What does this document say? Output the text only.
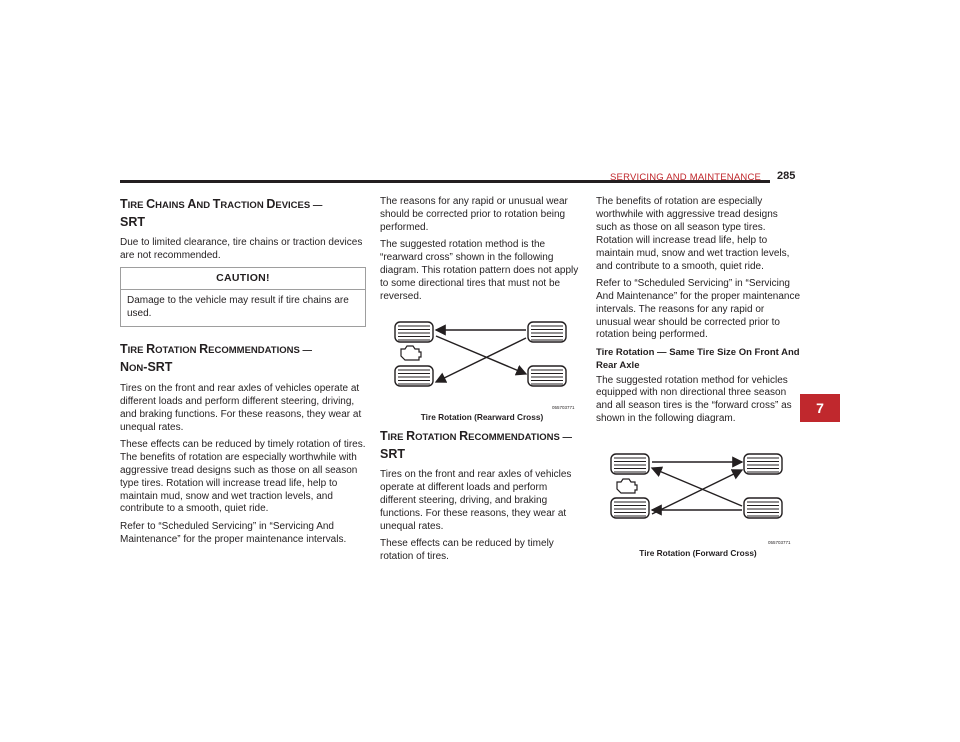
SERVICING AND MAINTENANCE 285
7
TIRE CHAINS AND TRACTION DEVICES —
SRT

Due to limited clearance, tire chains or traction devices are not recommended.

CAUTION!
Damage to the vehicle may result if tire chains are used.
TIRE ROTATION RECOMMENDATIONS —
NON-SRT

Tires on the front and rear axles of vehicles operate at different loads and perform different steering, driving, and braking functions. For these reasons, they wear at unequal rates.

These effects can be reduced by timely rotation of tires. The benefits of rotation are especially worthwhile with aggressive tread designs such as those on all season type tires. Rotation will increase tread life, help to maintain mud, snow and wet traction levels, and contribute to a smooth, quiet ride.

Refer to “Scheduled Servicing” in “Servicing And Maintenance” for the proper maintenance intervals.

The reasons for any rapid or unusual wear should be corrected prior to rotation being performed.

The suggested rotation method is the “rearward cross” shown in the following diagram. This rotation pattern does not apply to some directional tires that must not be reversed.

055703771
Tire Rotation (Rearward Cross)
TIRE ROTATION RECOMMENDATIONS —
SRT

Tires on the front and rear axles of vehicles operate at different loads and perform different steering, driving, and braking functions. For these reasons, they wear at unequal rates.

These effects can be reduced by timely rotation of tires.

The benefits of rotation are especially worthwhile with aggressive tread designs such as those on all season type tires. Rotation will increase tread life, help to maintain mud, snow and wet traction levels, and contribute to a smooth, quiet ride.

Refer to “Scheduled Servicing” in “Servicing And Maintenance” for the proper maintenance intervals. The reasons for any rapid or unusual wear should be corrected prior to rotation being performed.

Tire Rotation — Same Tire Size On Front And Rear Axle

The suggested rotation method for vehicles equipped with non directional three season and all season tires is the “forward cross” as shown in the following diagram.

055703771
Tire Rotation (Forward Cross)
